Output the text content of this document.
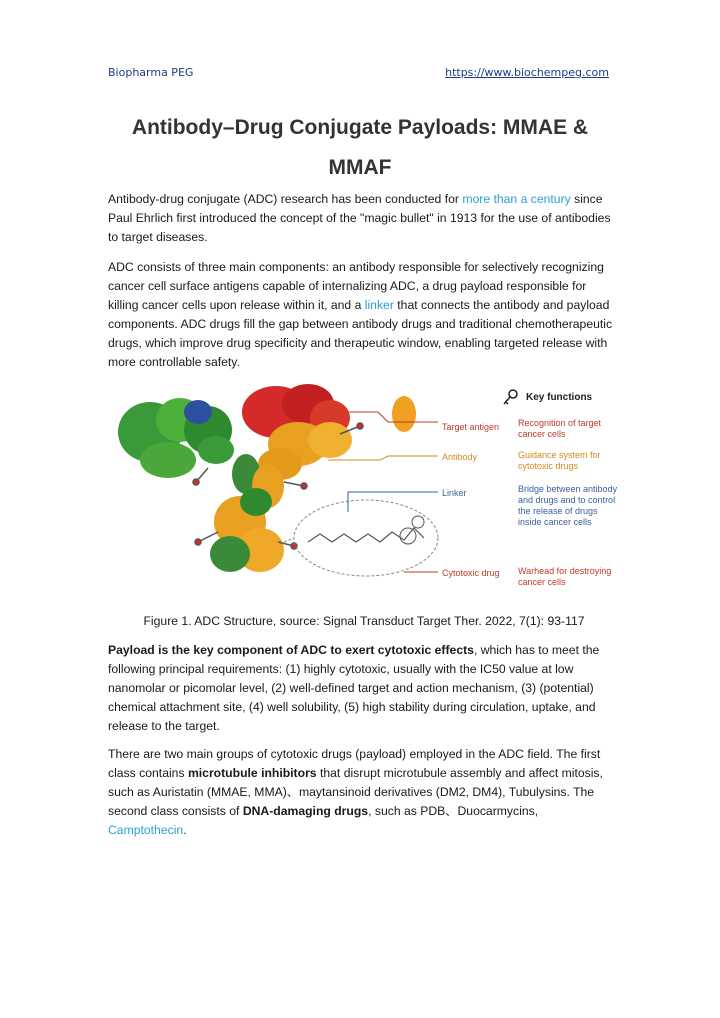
Biopharma PEG	https://www.biochempeg.com
Antibody–Drug Conjugate Payloads: MMAE &
MMAF

Antibody-drug conjugate (ADC) research has been conducted for more than a century since Paul Ehrlich first introduced the concept of the "magic bullet" in 1913 for the use of antibodies to target diseases.

ADC consists of three main components: an antibody responsible for selectively recognizing cancer cell surface antigens capable of internalizing ADC, a drug payload responsible for killing cancer cells upon release within it, and a linker that connects the antibody and payload components. ADC drugs fill the gap between antibody drugs and traditional chemotherapeutic drugs, which improve drug specificity and therapeutic window, enabling targeted release with more controllable safety.

Key functions
Target antigen
Antibody
Linker
Cytotoxic drug
Recognition of target
cancer cells
Guidance system for
cytotoxic drugs
Bridge between antibody
and drugs and to control
the release of drugs
inside cancer cells
Warhead for destroying
cancer cells
Figure 1. ADC Structure, source: Signal Transduct Target Ther. 2022, 7(1): 93-117

Payload is the key component of ADC to exert cytotoxic effects, which has to meet the following principal requirements: (1) highly cytotoxic, usually with the IC50 value at low nanomolar or picomolar level, (2) well-defined target and action mechanism, (3) (potential) chemical attachment site, (4) well solubility, (5) high stability during circulation, uptake, and release to the target.

There are two main groups of cytotoxic drugs (payload) employed in the ADC field. The first class contains microtubule inhibitors that disrupt microtubule assembly and affect mitosis, such as Auristatin (MMAE, MMA)、maytansinoid derivatives (DM2, DM4), Tubulysins. The second class consists of DNA-damaging drugs, such as PDB、Duocarmycins, Camptothecin.
